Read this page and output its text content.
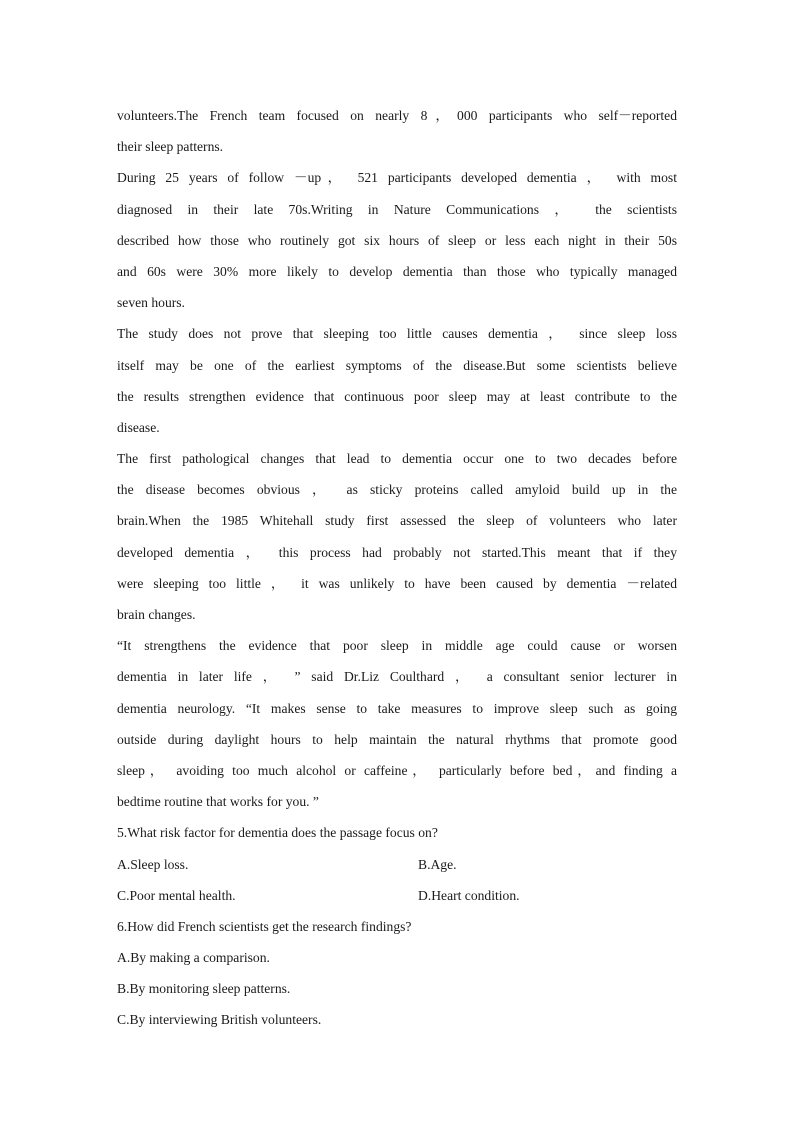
volunteers.The French team focused on nearly 8，000 participants who self－reported
their sleep patterns.
During 25 years of follow －up， 521 participants developed dementia ， with most
diagnosed in their late 70s.Writing in Nature Communications ， the scientists
described how those who routinely got six hours of sleep or less each night in their 50s
and 60s were 30% more likely to develop dementia than those who typically managed
seven hours.
The study does not prove that sleeping too little causes dementia ， since sleep loss
itself may be one of the earliest symptoms of the disease.But some scientists believe
the results strengthen evidence that continuous poor sleep may at least contribute to the
disease.
The first pathological changes that lead to dementia occur one to two decades before
the disease becomes obvious ， as sticky proteins called amyloid build up in the
brain.When the 1985 Whitehall study first assessed the sleep of volunteers who later
developed dementia ， this process had probably not started.This meant that if they
were sleeping too little ， it was unlikely to have been caused by dementia －related
brain changes.
“It strengthens the evidence that poor sleep in middle age could cause or worsen
dementia in later life ， ” said Dr.Liz Coulthard ， a consultant senior lecturer in
dementia neurology. “It makes sense to take measures to improve sleep such as going
outside during daylight hours to help maintain the natural rhythms that promote good
sleep， avoiding too much alcohol or caffeine， particularly before bed，and finding a
bedtime routine that works for you. ”
5.What risk factor for dementia does the passage focus on?
A.Sleep loss.	B.Age.
C.Poor mental health.	D.Heart condition.
6.How did French scientists get the research findings?
A.By making a comparison.
B.By monitoring sleep patterns.
C.By interviewing British volunteers.
